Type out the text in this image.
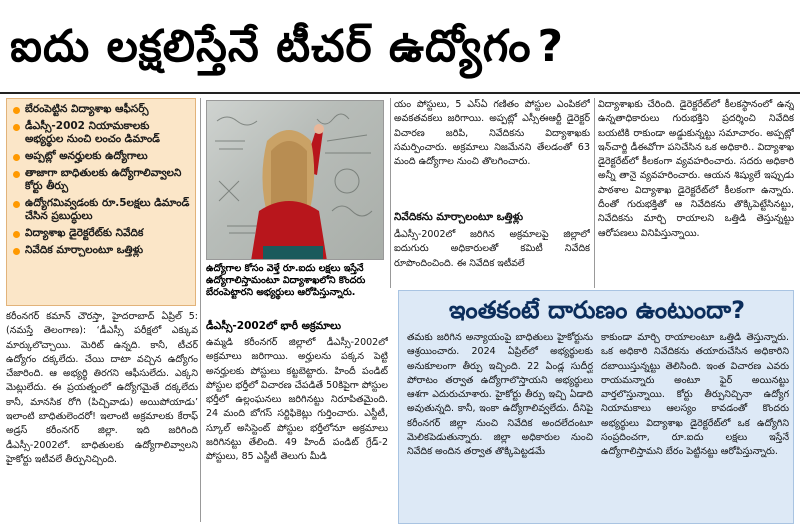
ఐదు లక్షలిస్తేనే టీచర్ ఉద్యోగం ?
బేరంపెట్టిన విద్యాశాఖ ఆఫీసర్స్
డీఎస్సీ-2002 నియామకాలకు అభ్యర్థుల నుంచి లంచం డిమాండ్
అప్పట్లో అనర్హులకు ఉద్యోగాలు
తాజాగా బాధితులకు ఉద్యోగాలివ్వాలని కోర్టు తీర్పు
ఉద్యోగమివ్వడంకు రూ.5లక్షలు డిమాండ్ చేసిన ప్రబుద్ధులు
విద్యాశాఖ డైరెక్టరేట్‌కు నివేదిక
నివేదిక మార్చాలంటూ ఒత్తిళ్లు
ఉద్యోగాల కోసం వెళ్తే రూ.ఐదు లక్షలు ఇస్తేనే ఉద్యోగాలిస్తామంటూ విద్యాశాఖలోని కొందరు బేరంపెట్టారని అభ్యర్థులు ఆరోపిస్తున్నారు.
కరీంనగర్ కమాన్ చౌరస్తా, హైదరాబాద్ ఏప్రిల్ 5: (నమస్తే తెలంగాణ): ‘డీఎస్సీ పరీక్షలో ఎక్కువ మార్కులొచ్చాయి. మెరిట్ ఉన్నది. కానీ, టీచర్ ఉద్యోగం దక్కలేదు. చేయి దాటా వచ్చిన ఉద్యోగం చేజారింది. ఆ అభ్యర్థి తిరగని ఆఫీసులేదు. ఎక్కని మెట్లులేదు. ఈ ప్రయత్నంలో ఉద్యోగమైతే దక్కలేదు కానీ, మానసిక రోగి (పిచ్చివాడు) అయిపోయాడు’ ఇలాంటి బాధితులెందరో! ఇలాంటి అక్రమాలకు కేరాఫ్ అడ్రస్ కరీంనగర్ జిల్లా. ఇది జరిగింది డీఎస్సీ-2002లో. బాధితులకు ఉద్యోగాలివ్వాలని హైకోర్టు ఇటీవలే తీర్పునిచ్చింది.
డీఎస్సీ-2002లో భారీ అక్రమాలు
ఉమ్మడి కరీంనగర్ జిల్లాలో డీఎస్సీ-2002లో అక్రమాలు జరిగాయి. అర్హులను పక్కన పెట్టి అనర్హులకు పోస్టులు కట్టబెట్టారు. హిందీ పండిట్ పోస్టుల భర్తీలో విచారణ చేపడితే 50కిపైగా పోస్టుల భర్తీలో ఉల్లంఘనలు జరిగినట్టు నిరూపితమైంది. 24 మంది బోగస్ సర్టిఫికెట్లు గుర్తించారు. ఎస్జీటీ, స్కూల్ అసిస్టెంట్ పోస్టుల భర్తీలోనూ అక్రమాలు జరిగినట్టు తేలింది. 49 హిందీ పండిట్ గ్రేడ్-2 పోస్టులు, 85 ఎస్జీటీ తెలుగు మీడి
యం పోస్టులు, 5 ఎస్ఏ గణితం పోస్టుల ఎంపికలో అవకతవకలు జరిగాయి. అప్పట్లో ఎస్సీఈఆర్టీ డైరెక్టర్ విచారణ జరిపి, నివేదికను విద్యాశాఖకు సమర్పించారు. అక్రమాలు నిజమేనని తేలడంతో 63 మంది ఉద్యోగాల నుంచి తొలగించారు.
నివేదికను మార్చాలంటూ ఒత్తిళ్లు
డీఎస్సీ-2002లో జరిగిన అక్రమాలపై జిల్లాలో ఐదుగురు అధికారులతో కమిటీ నివేదిక రూపొందించింది. ఈ నివేదిక ఇటీవలే
విద్యాశాఖకు చేరింది. డైరెక్టరేట్‌లో కీలకస్థానంలో ఉన్న ఉన్నతాధికారులు గురుభక్తిని ప్రదర్శించి నివేదిక బయటికి రాకుండా అడ్డుకున్నట్టు సమాచారం. అప్పట్లో ఇన్‌చార్జి డీఈవోగా పనిచేసిన ఒక అధికారి.. విద్యాశాఖ డైరెక్టరేట్‌లో కీలకంగా వ్యవహరించారు. సదరు అధికారి అన్నీ తానై వ్యవహరించారు. ఆయన శిష్యులే ఇప్పుడు పాఠశాల విద్యాశాఖ డైరెక్టరేట్‌లో కీలకంగా ఉన్నారు. దీంతో గురుభక్తితో ఆ నివేదికను తొక్కిపెట్టేసినట్టు, నివేదికను మార్చి రాయాలని ఒత్తిడి తెస్తున్నట్టు ఆరోపణలు వినిపిస్తున్నాయి.
ఇంతకంటే దారుణం ఉంటుందా?
తమకు జరిగిన అన్యాయంపై బాధితులు హైకోర్టును ఆశ్రయించారు. 2024 ఏప్రిల్‌లో అభ్యర్థులకు అనుకూలంగా తీర్పు ఇచ్చింది. 22 ఏండ్ల సుదీర్ఘ పోరాటం తర్వాత ఉద్యోగాలొస్తాయని అభ్యర్థులు ఆశగా ఎదురుచూశారు. హైకోర్టు తీర్పు ఇచ్చి ఏడాది అవుతున్నది. కానీ, ఇంకా ఉద్యోగాలివ్వలేదు. దీనిపై కరీంనగర్ జిల్లా నుంచి నివేదిక అందలేదంటూ మెలికపెడుతున్నారు. జిల్లా అధికారుల నుంచి నివేదిక అందిన తర్వాత తొక్కిపెట్టడమే
కాకుండా మార్చి రాయాలంటూ ఒత్తిడి తెస్తున్నారు. ఒక అధికారి నివేదికను తయారుచేసిన అధికారిని దబాయిస్తున్నట్టు తెలిసింది. ఇంత విచారణ ఎవరు రాయమన్నారు అంటూ ఫైర్ అయినట్టు వార్తలొస్తున్నాయి. కోర్టు తీర్పునిచ్చినా ఉద్యోగ నియామకాలు ఆలస్యం కావడంతో కొందరు అభ్యర్థులు విద్యాశాఖ డైరెక్టరేట్‌లో ఒక ఉద్యోగిని సంప్రదించగా, రూ.ఐదు లక్షలు ఇస్తేనే ఉద్యోగాలిస్తామని బేరం పెట్టినట్టు ఆరోపిస్తున్నారు.
